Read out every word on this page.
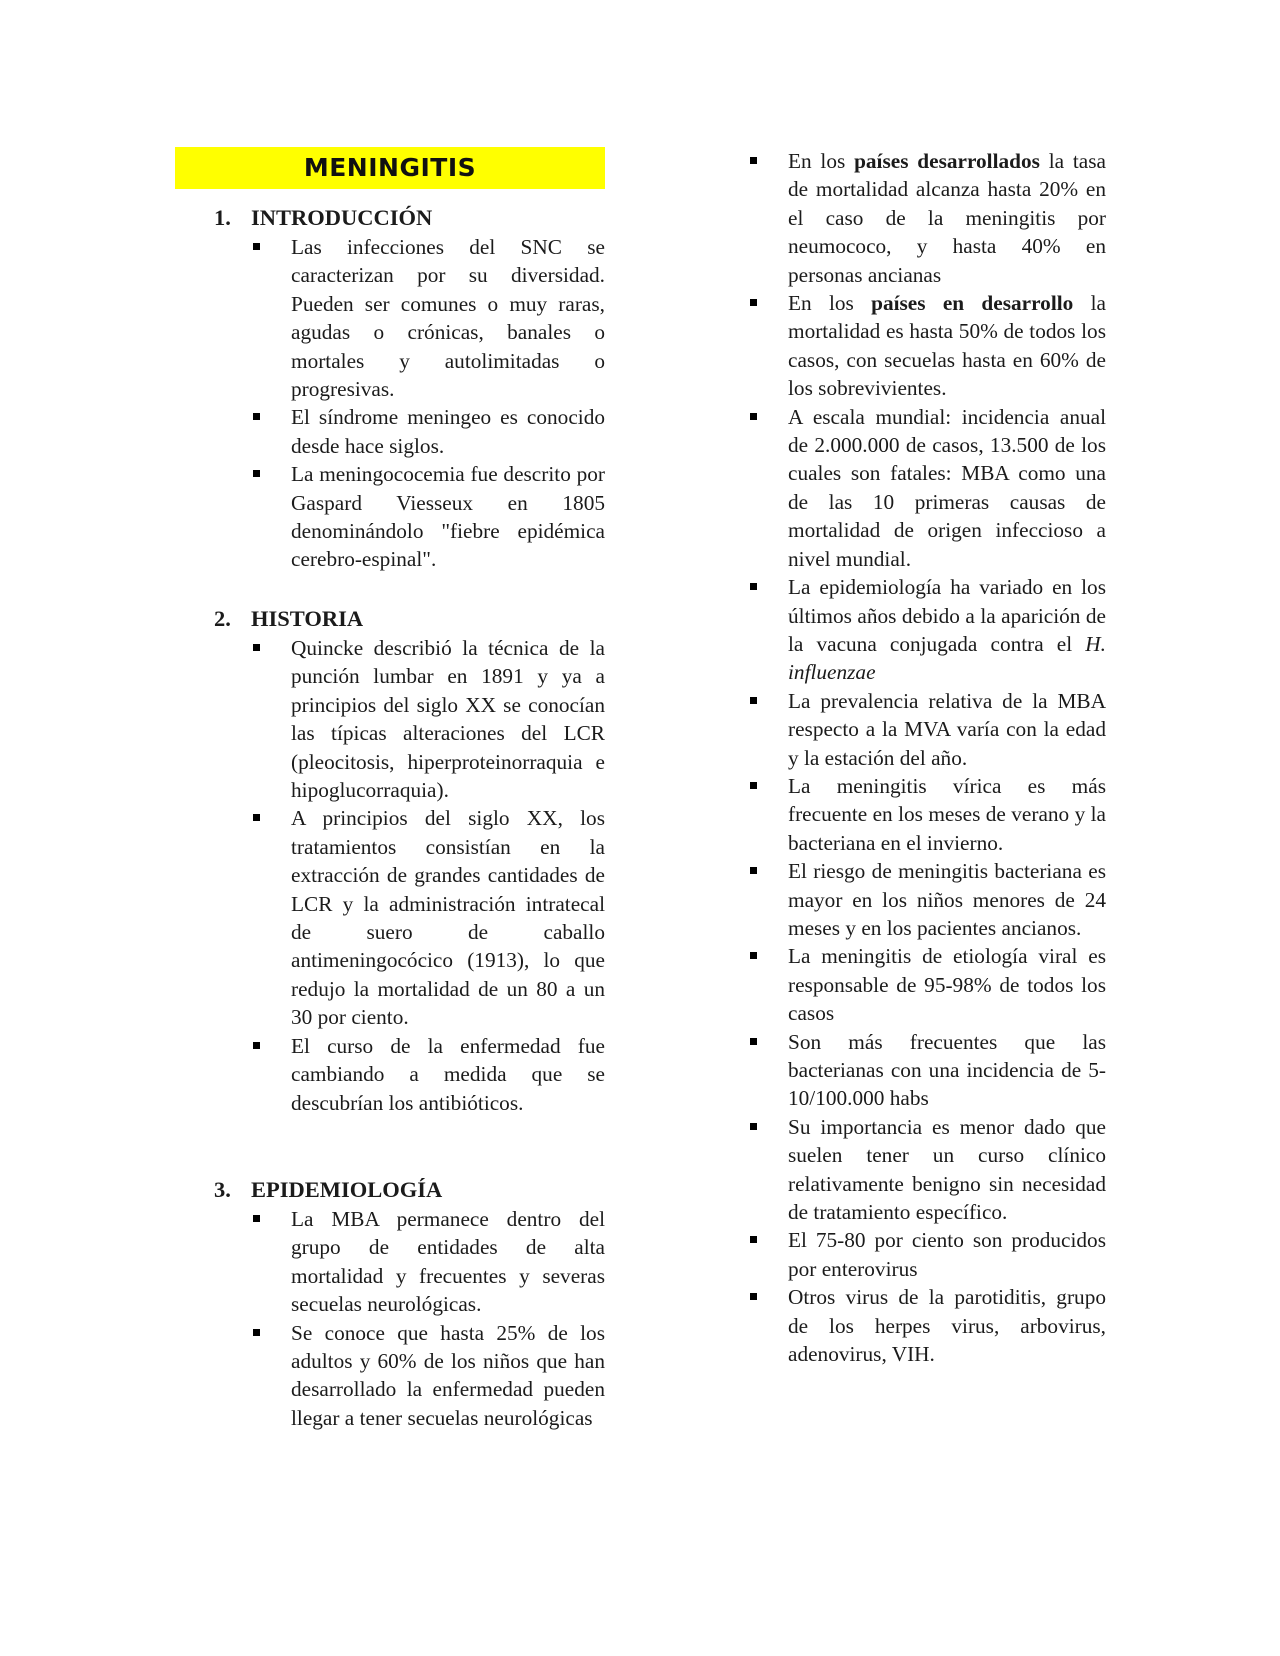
MENINGITIS
1. INTRODUCCIÓN
Las infecciones del SNC se caracterizan por su diversidad. Pueden ser comunes o muy raras, agudas o crónicas, banales o mortales y autolimitadas o progresivas.
El síndrome meningeo es conocido desde hace siglos.
La meningococemia fue descrito por Gaspard Viesseux en 1805 denominándolo "fiebre epidémica cerebro-espinal".
2. HISTORIA
Quincke describió la técnica de la punción lumbar en 1891 y ya a principios del siglo XX se conocían las típicas alteraciones del LCR (pleocitosis, hiperproteinorraquia e hipoglucorraquia).
A principios del siglo XX, los tratamientos consistían en la extracción de grandes cantidades de LCR y la administración intratecal de suero de caballo antimeningocócico (1913), lo que redujo la mortalidad de un 80 a un 30 por ciento.
El curso de la enfermedad fue cambiando a medida que se descubrían los antibióticos.
3. EPIDEMIOLOGÍA
La MBA permanece dentro del grupo de entidades de alta mortalidad y frecuentes y severas secuelas neurológicas.
Se conoce que hasta 25% de los adultos y 60% de los niños que han desarrollado la enfermedad pueden llegar a tener secuelas neurológicas
En los países desarrollados la tasa de mortalidad alcanza hasta 20% en el caso de la meningitis por neumococo, y hasta 40% en personas ancianas
En los países en desarrollo la mortalidad es hasta 50% de todos los casos, con secuelas hasta en 60% de los sobrevivientes.
A escala mundial: incidencia anual de 2.000.000 de casos, 13.500 de los cuales son fatales: MBA como una de las 10 primeras causas de mortalidad de origen infeccioso a nivel mundial.
La epidemiología ha variado en los últimos años debido a la aparición de la vacuna conjugada contra el H. influenzae
La prevalencia relativa de la MBA respecto a la MVA varía con la edad y la estación del año.
La meningitis vírica es más frecuente en los meses de verano y la bacteriana en el invierno.
El riesgo de meningitis bacteriana es mayor en los niños menores de 24 meses y en los pacientes ancianos.
La meningitis de etiología viral es responsable de 95-98% de todos los casos
Son más frecuentes que las bacterianas con una incidencia de 5-10/100.000 habs
Su importancia es menor dado que suelen tener un curso clínico relativamente benigno sin necesidad de tratamiento específico.
El 75-80 por ciento son producidos por enterovirus
Otros virus de la parotiditis, grupo de los herpes virus, arbovirus, adenovirus, VIH.
